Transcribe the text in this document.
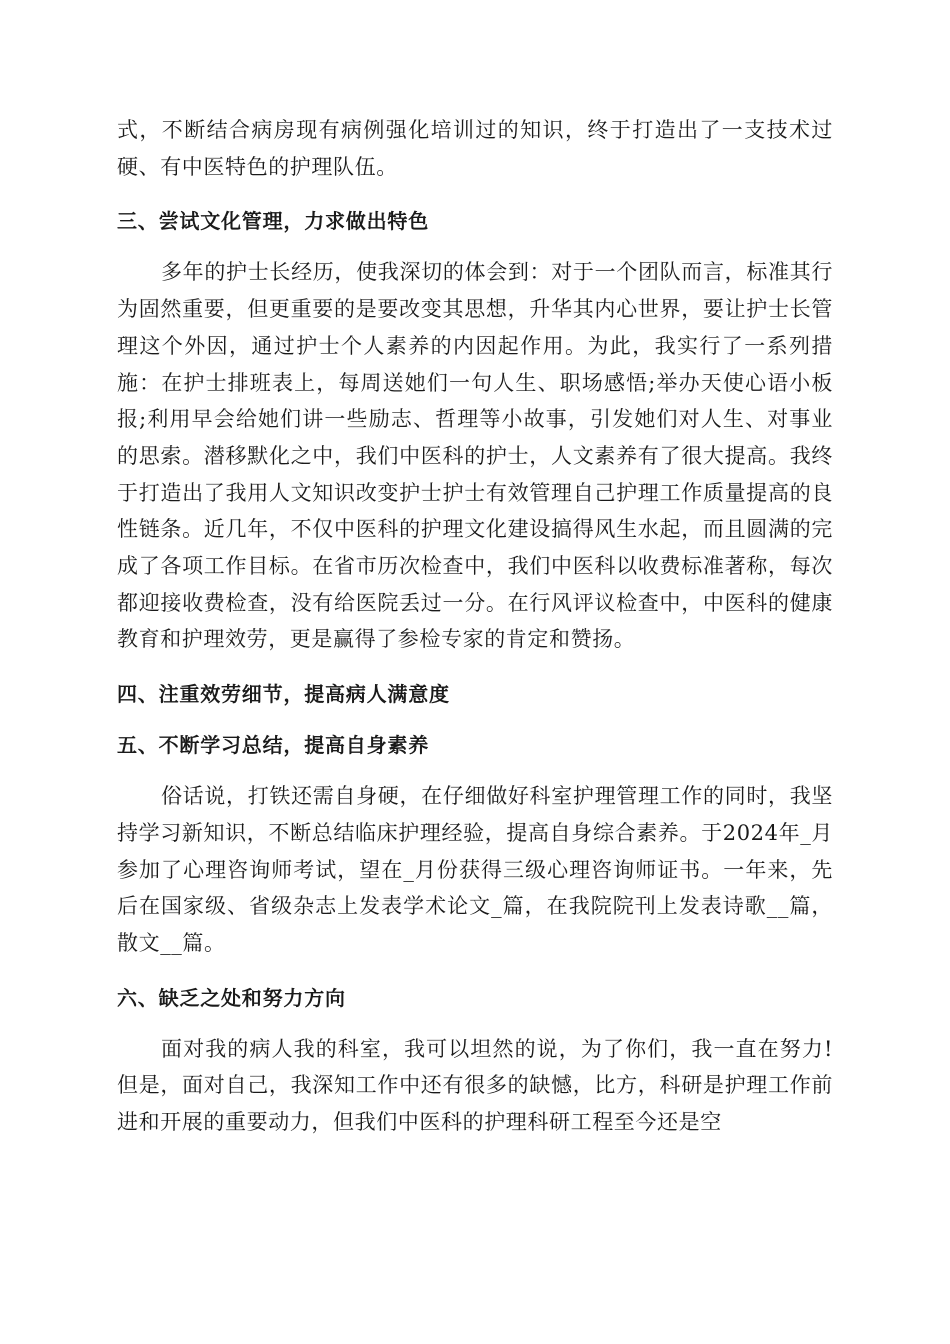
式，不断结合病房现有病例强化培训过的知识，终于打造出了一支技术过硬、有中医特色的护理队伍。

三、尝试文化管理，力求做出特色

多年的护士长经历，使我深切的体会到：对于一个团队而言，标准其行为固然重要，但更重要的是要改变其思想，升华其内心世界，要让护士长管理这个外因，通过护士个人素养的内因起作用。为此，我实行了一系列措施：在护士排班表上，每周送她们一句人生、职场感悟;举办天使心语小板报;利用早会给她们讲一些励志、哲理等小故事，引发她们对人生、对事业的思索。潜移默化之中，我们中医科的护士，人文素养有了很大提高。我终于打造出了我用人文知识改变护士护士有效管理自己护理工作质量提高的良性链条。近几年，不仅中医科的护理文化建设搞得风生水起，而且圆满的完成了各项工作目标。在省市历次检查中，我们中医科以收费标准著称，每次都迎接收费检查，没有给医院丢过一分。在行风评议检查中，中医科的健康教育和护理效劳，更是赢得了参检专家的肯定和赞扬。

四、注重效劳细节，提高病人满意度
五、不断学习总结，提高自身素养

俗话说，打铁还需自身硬，在仔细做好科室护理管理工作的同时，我坚持学习新知识，不断总结临床护理经验，提高自身综合素养。于2024年_月参加了心理咨询师考试，望在_月份获得三级心理咨询师证书。一年来，先后在国家级、省级杂志上发表学术论文_篇，在我院院刊上发表诗歌__篇，散文__篇。

六、缺乏之处和努力方向

面对我的病人我的科室，我可以坦然的说，为了你们，我一直在努力!但是，面对自己，我深知工作中还有很多的缺憾，比方，科研是护理工作前进和开展的重要动力，但我们中医科的护理科研工程至今还是空
